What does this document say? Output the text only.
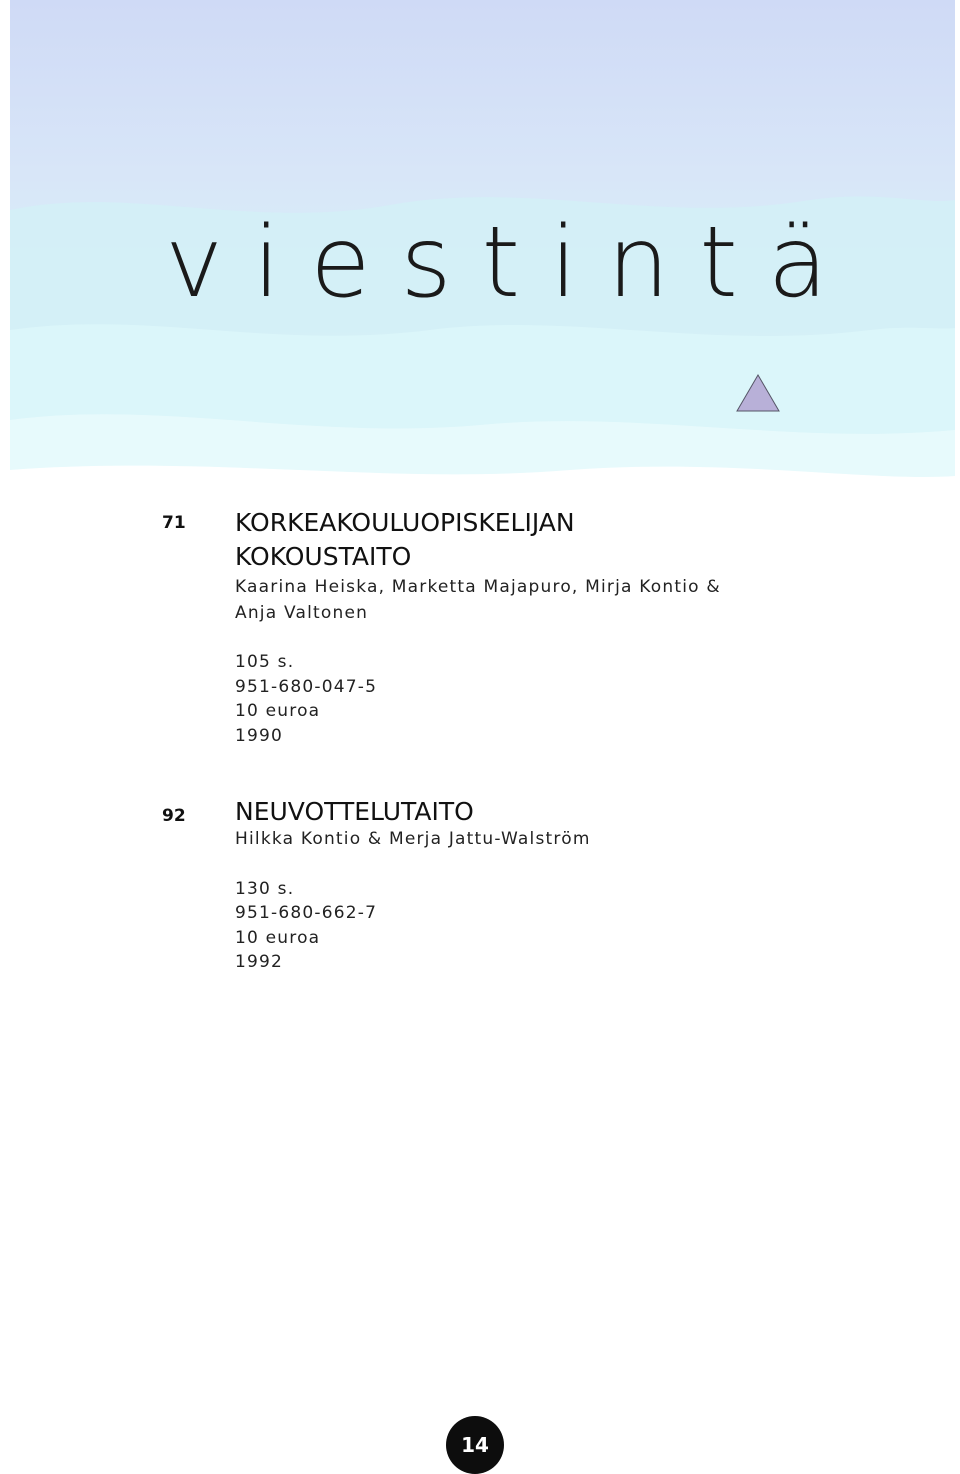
viestintä
71 KORKEAKOULUOPISKELIJAN

KOKOUSTAITO

Kaarina Heiska, Marketta Majapuro, Mirja Kontio &

Anja Valtonen

105 s.

951-680-047-5

10 euroa

1990

92 NEUVOTTELUTAITO

Hilkka Kontio & Merja Jattu-Walström

130 s.

951-680-662-7

10 euroa

1992

14
